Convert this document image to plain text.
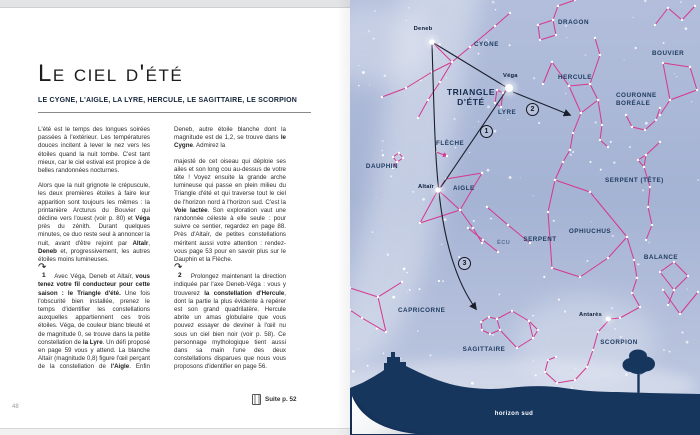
Le ciel d'été
LE CYGNE, L'AIGLE, LA LYRE, HERCULE, LE SAGITTAIRE, LE SCORPION

L'été est le temps des longues soirées passées à l'extérieur. Les températures douces incitent à lever le nez vers les étoiles quand la nuit tombe. C'est tant mieux, car le ciel estival est propice à de belles randonnées nocturnes.

Alors que la nuit grignote le crépuscule, les deux premières étoiles à faire leur apparition sont toujours les mêmes : la printanière Arcturus du Bouvier qui décline vers l'ouest (voir p. 80) et Véga près du zénith. Durant quelques minutes, ce duo reste seul à annoncer la nuit, avant d'être rejoint par Altaïr, Deneb et, progressivement, les autres étoiles moins lumineuses.

↷
1 Avec Véga, Deneb et Altaïr, vous tenez votre fil conducteur pour cette saison : le Triangle d'été. Une fois l'obscurité bien installée, prenez le temps d'identifier les constellations auxquelles appartiennent ces trois étoiles. Véga, de couleur blanc bleuté et de magnitude 0, se trouve dans la petite constellation de la Lyre. Un défi proposé en page 59 vous y attend. La blanche Altaïr (magnitude 0,8) figure l'œil perçant de la constellation de l'Aigle. Enfin Deneb, autre étoile blanche dont la magnitude est de 1,2, se trouve dans le Cygne. Admirez la

majesté de cet oiseau qui déploie ses ailes et son long cou au-dessus de votre tête ! Voyez ensuite la grande arche lumineuse qui passe en plein milieu du Triangle d'été et qui traverse tout le ciel de l'horizon nord à l'horizon sud. C'est la Voie lactée. Son exploration vaut une randonnée céleste à elle seule : pour suivre ce sentier, regardez en page 88. Près d'Altaïr, de petites constellations méritent aussi votre attention : rendez-vous page 53 pour en savoir plus sur le Dauphin et la Flèche.

↷
2 Prolongez maintenant la direction indiquée par l'axe Deneb-Véga : vous y trouverez la constellation d'Hercule, dont la partie la plus évidente à repérer est son grand quadrilatère. Hercule abrite un amas globulaire que vous pouvez essayer de deviner à l'œil nu sous un ciel bien noir (voir p. 58). Ce personnage mythologique tient aussi dans sa main l'une des deux constellations disparues que nous vous proposons d'identifier en page 56.

Suite p. 52
48
Deneb
Véga
Altaïr
Antarès
TRIANGLE
D'ÉTÉ
CYGNE
DRAGON
HERCULE
BOUVIER
COURONNE
BORÉALE
LYRE
FLÈCHE
DAUPHIN
AIGLE
SERPENT (TÊTE)
OPHIUCHUS
SERPENT
ÉCU
BALANCE
CAPRICORNE
SAGITTAIRE
SCORPION
1
2
3
horizon sud
